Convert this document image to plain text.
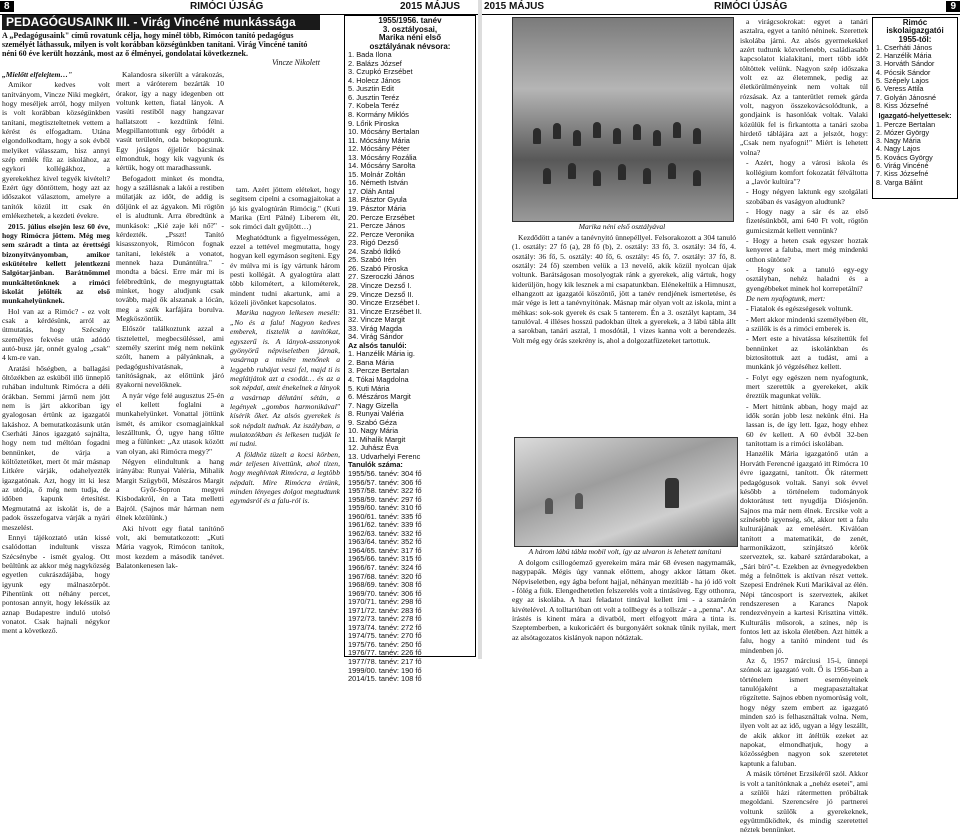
8	RIMÓCI ÚJSÁG	2015 MÁJUS
PEDAGÓGUSAINK III. - Virág Vincéné munkássága
A „Pedagógusaink" című rovatunk célja, hogy minél több, Rimócon tanító pedagógus személyét láthassuk, milyen is volt korábban községünkben tanítani. Virág Vincéné tanító néni 60 éve került hozzánk, most az ő élményei, gondolatai következnek.
Vincze Nikolett

„Mielőtt elfelejtem…"

Amikor kedves volt tanítványom, Vincze Niki megkért, hogy meséljek arról, hogy milyen is volt korábban községünkben tanítani, megtiszteltetnek vettem a kérést és elfogadtam. Utána elgondolkodtam, hogy a sok évből melyiket válasszam, hisz annyi szép emlék fűz az iskolához, az egykori kollégákhoz, a gyerekekhez kivel tegyék kivételt? Ezért úgy döntöttem, hogy azt az időszakot választom, amelyre a tanítók közül itt csak én emlékezhetek, a kezdeti évekre.

2015. július elsején lesz 60 éve, hogy Rimócra jöttem. Még meg sem száradt a tinta az érettségi bizonyítványomban, amikor eskütételre kellett jelentkezni Salgótarjánban. Barátnőmmel munkáltetőnknek a rimóci iskolát jelölték az első munkahelyünknek.

Hol van az a Rimóc? - ez volt csak a kérdésünk, arról az útmutatás, hogy Szécsény személyes fekvése után adódó autó-busz jár, onnét gyalog „csak" 4 km-re van.

Aratási hőségben, a ballagási öltözékben az esküből illő ünneplő ruhában indultunk Rimócra a déli órákban. Semmi jármű nem jött nem is járt akkoriban így gyalogosan értünk az igazgatói lakáshoz. A bemutatkozásunk után Cserháti János igazgató sajnálta, hogy nem tud méltóan fogadni bennünket, de várja a költöztetőket, mert öt már másnap Litkére várják, odahelyezték igazgatónak. Azt, hogy itt ki lesz az utódja, ő még nem tudja, de időben kapunk értesítést. Megmutatná az iskolát is, de a padok összefogatva várják a nyári meszelést.

Ennyi tájékoztató után kissé csalódottan indultunk vissza Szécsénybe - ismét gyalog. Ott beültünk az akkor még nagyközség egyetlen cukrászdájába, hogy igyunk egy málnaszörpöt. Pihentünk ott néhány percet, pontosan annyit, hogy lekéssük az aznap Budapestre induló utolsó vonatot. Csak hajnali négykor ment a következő.

Kalandosra sikerült a várakozás, mert a váróterem bezárták 10 órakor, így a nagy idegenben ott voltunk ketten, fiatal lányok. A vasúti restiből nagy hangzavar hallatszott - kezdtünk félni. Megpillantottunk egy őrbódét a vasút területén, oda bekopogtunk. Egy jóságos éjjeliőr bácsinak elmondtuk, hogy kik vagyunk és kértük, hogy ott maradhassunk.

Befogadott minket és mondta, hogy a szállásnak a lakói a restiben múlatják az időt, de addig is dőljünk el az ágyakon. Mi rögtön el is aludtunk. Arra ébredtünk a munkások: „Kié zaje kéi nő?" - kérdezték. „Psszt! Tanító kisasszonyok, Rimócon fognak tanítani, lekésték a vonatot, mennek haza Dunántúlra." - mondta a bácsi. Erre már mi is felébredtünk, de megnyugtattak minket, hogy aludjunk csak tovább, majd ők alszanak a lócán, meg a szék karfájára borulva. Megköszöntük.

Először találkoztunk azzal a tisztelettel, megbecsüléssel, ami személy szerint még nem nekünk szólt, hanem a pályánknak, a pedagógushivatásnak, a tanítóságnak, az előttünk járó gyakorni nevelőknek.

A nyár vége felé augusztus 25-én el kellett foglalni a munkahelyünket. Vonattal jöttünk ismét, és amikor csomagjainkkal leszálltunk, Ó, ugye hang tőltte meg a fülünket: „Az utasok között van olyan, aki Rimócra megy?"

Négyen elindultunk a hang irányába: Runyai Valéria, Mihalik Margit Szügyből, Mészáros Margit a Győr-Sopron megyei Kisbodakról, én a Tata melletti Bajról. (Sajnos már hárman nem élnek közülünk.)

Aki hívott egy fiatal tanítónő volt, aki bemutatkozott: „Kuti Mária vagyok, Rimócon tanítok, most kezdem a második tanévet. Balatonkenesen lak-

tam. Azért jöttem eléteket, hogy segítsem cipelni a csomagjaitokat a jó kis gyalogtúrán Rimócig." (Kuti Marika (Ertl Pálné) Liberem élt, sok rimóci dalt gyűjtött…)

Meghatódtunk a figyelmességen, ezzel a tettével megmutatta, hogy hogyan kell egymáson segíteni. Egy év múlva mi is így vártunk három pesti kollégát. A gyalogtúra alatt több kilométert, a kilométerek, mindent tudni akartunk, ami a közeli jövőnket kapcsolatos.

Marika nagyon lelkesen mesélt: „No és a falu! Nagyon kedves emberek, tisztelik a tanítókat, egyszerű is. A lányok-asszonyok gyönyörű népviseletben járnak, vasárnap a misére menőnek a leggebb ruhájat veszi fel, majd ti is meglátjátok azt a csodát… és az a sok népdal, amit énekelnek a lányok a vasárnap délutáni sétán, a legények „gombos harmonikával" kísérik őket. Az alsós gyerekek is sok népdalt tudnak. Az iszályban, a mulatozókban és lelkesen tudják le mi tudni.

A földhöz tüzelt a kocsi körben, már teljesen kivettünk, ahol tízen, hogy meghívtak Rimócra, a legtöbb népdalt. Mire Rimócra értünk, minden lényeges dolgot megtudtunk egymásról és a falu-ról is.

1955/1956. tanév
3. osztályosai,
Marika néni első
osztályának névsora:
1. Bada Ilona
2. Balázs József
3. Czupkó Erzsébet
4. Holecz János
5. Jusztin Edit
6. Jusztin Teréz
7. Kobela Teréz
8. Kormány Miklós
9. Lőrik Piroska
10. Mócsány Bertalan
11. Mócsány Mária
12. Mócsány Péter
13. Mócsány Rozália
14. Mócsány Sarolta
15. Molnár Zoltán
16. Németh István
17. Oláh Antal
18. Pásztor Gyula
19. Pásztor Mária
20. Percze Erzsébet
21. Percze János
22. Percze Veronika
23. Rigó Dezső
24. Szabó Ildikó
25. Szabó Irén
26. Szabó Piroska
27. Szeroczki János
28. Vincze Dezső I.
29. Vincze Dezső II.
30. Vincze Erzsébet I.
31. Vincze Erzsébet II.
32. Vincze Margit
33. Virág Magda
34. Virág Sándor
Az alsós tanulói:
1. Hanzélik Mária ig.
2. Bana Mária
3. Percze Bertalan
4. Tókai Magdolna
5. Kuti Mária
6. Mészáros Margit
7. Nagy Gizella
8. Runyai Valéria
9. Szabó Géza
10. Nagy Mária
11. Mihalik Margit
12. Juhász Éva
13. Udvarhelyi Ferenc
Tanulók száma:
1955/56. tanév: 304 fő
1956/57. tanév: 306 fő
1957/58. tanév: 322 fő
1958/59. tanév: 297 fő
1959/60. tanév: 310 fő
1960/61. tanév: 335 fő
1961/62. tanév: 339 fő
1962/63. tanév: 332 fő
1963/64. tanév: 352 fő
1964/65. tanév: 317 fő
1965/66. tanév: 315 fő
1966/67. tanév: 324 fő
1967/68. tanév: 320 fő
1968/69. tanév: 308 fő
1969/70. tanév: 306 fő
1970/71. tanév: 298 fő
1971/72. tanév: 283 fő
1972/73. tanév: 278 fő
1973/74. tanév: 272 fő
1974/75. tanév: 270 fő
1975/76. tanév: 250 fő
1976/77. tanév: 226 fő
1977/78. tanév: 217 fő
1999/00. tanév: 190 fő
2014/15. tanév: 108 fő
2015 MÁJUS	RIMÓCI ÚJSÁG	9
Marika néni első osztályával

Kezdődött a tanév a tanévnyitó ünnepéllyel. Felsorakozott a 304 tanuló (1. osztály: 27 fő (a), 28 fő (b), 2. osztály: 33 fő, 3. osztály: 34 fő, 4. osztály: 36 fő, 5. osztály: 40 fő, 6. osztály: 45 fő, 7. osztály: 37 fő, 8. osztály: 24 fő) szemben velük a 13 nevelő, akik közül nyolcan újak voltunk. Barátságosan mosolyogtak ránk a gyerekek, alig vártuk, hogy kiderüljön, hogy kik lesznek a mi csapatunkban. Elénekeltük a Himnuszt, elhangzott az igazgatói köszöntő, jött a tanév rendjének ismertetése, és már vége is lett a tanévnyitónak. Másnap már olyan volt az iskola, mint a méhkas: sok-sok gyerek és csak 5 tanterem. Én a 3. osztályt kaptam, 34 tanulóval. 4 illéses hosszú padokban ültek a gyerekek, a 3 lábú tábla állt a sarokban, tanári asztal, 1 mosdótál, 1 vizes kanna volt a berendezés. Volt még egy órás szekrény is, ahol a dolgozatfüzeteket tartottuk.

A három lábú tábla mobil volt, így az ulvaron is lehetett tanítani

A dolgom csillogóemző gyerekeim mára már 68 évesen nagymamák, nagypapák. Mégis úgy vannak előttem, ahogy akkor láttam őket. Népviseletben, egy ágba befont hajjal, néhányan mezítláb - ha jó idő volt - fölég a fiúk. Elengedhetetlen felszerelés volt a tintásüveg. Egy otthonra, egy az iskolába. A hazi feladatot tintával kellett írni - a szamárón kivételével. A tolltartóban ott volt a tollbegy és a tollszár - a „penna". Az írástés is kinent mára a divatból, mert elfogyott mára a tinta is. Szeptemberben, a kukoricáért és burgonyáért soknak tűnik nyilak, mert az alsótagozatos kislányok napon nótáztak.

a virágcsokrokat: egyet a tanári asztalra, egyet a tanító néninek. Szerettek iskolába járni. Az alsós gyermekekkel azért tudtunk közvetlenebb, családiasabb kapcsolatot kialakítani, mert több időt töltöttek velünk. Nagyon szép időszaka volt ez az életemnek, pedig az életkörülményeink nem voltak túl rózsásak. Az a tanterütlet remek gárda volt, nagyon összekovácsolódtunk, a gondjaink is hasonlóak voltak. Valaki közülük fel is firkantotta a tanári szoba hirdető táblájára azt a jelszót, hogy: „Csak nem nyafogni!" Miért is lehetett volna?

- Azért, hogy a városi iskola és kollégium komfort fokozatát félváltotta a „lavór kultúra"?

- Hogy négyen laktunk egy szolgálati szobában és vaságyon aludtunk?

- Hogy nagy a sár és az első fizetésünkből, ami 640 Ft volt, rögtön gumicsizmát kellett vennünk?

- Hogy a heten csak egyszer hoztak kenyeret a faluba, mert még mindenki otthon sütötte?

- Hogy sok a tanuló egy-egy osztályban, nehéz haladni és a gyengébbeket minek hol korrepetálni?

De nem nyafogtunk, mert:

- Fiatalok és egészségesek voltunk.

- Mert akkor mindenki személyében élt, a szülők is és a rimóci emberek is.

- Mert este a hivatássa készítettük fel bennünket az iskolánkban és biztosítottuk azt a tudást, ami a munkánk jó végzéséhez kellett.

- Folyt egy egészen nem nyafogtunk, mert szerettük a gyerekeket, akik éreztük magunkat velük.

- Mert hittünk abban, hogy majd az idők során jobb lesz nekünk élni. Ha lassan is, de így lett. Igaz, hogy ehhez 60 év kellett. A 60 évből 32-ben tanítottam is a rimóci iskolában.

Hanzélik Mária igazgatónő után a Horváth Ferencné igazgató itt Rimócra 10 évre igazgatni, tanított. Ők rátermett pedagógusok voltak. Sanyi sok évvel később a történelem tudományok doktorátust tett nyugdíja Diósjenőn. Sajnos ma már nem élnek. Ercsike volt a színésebb igyenség, sőt, akkor tett a falu kulturájának az emelésért. Kiválóan tanított a matematikát, de zenét, harmonikázott, színjátszó körök szerveztek, sz. kabaré sztárdarabokat, a „Sári bíró"-t. Ezekben az évnegyedekben még a felnőttek is aktívan részt vettek. Szepesi Endrének Kuti Marikával az élén. Népi táncosport is szerveztek, akiket rendszeresen a Karancs Napok rendezvényein a kartesi Krisztina vitték. Kulturális műsorok, a színes, nép is fontos lett az iskola életében. Azt hitték a falu, hogy a tanító mindent tud és mindenben jó.

Az ő, 1957 márciusi 15-i, ünnepi szónok az igazgató volt. Ő is 1956-ban a történelem ismert eseményeinek tanulójaként a megtapasztaltakat rögzítette. Sajnos ebben nyomorúság volt, hogy négy szem embert az igazgató minden szó is felhasználtak volna. Nem, ilyen volt az az idő, ugyan a légy leszállt, de akik akkor itt átéltük ezeket az napokat, elmondhatjuk, hogy a közösségben nagyon sok szeretetet kaptunk a faluban.

A másik történet Erzsikéről szól. Akkor is volt a tanítónknak a „nehéz esetei", ami a szülői házi rátermetten próbáltak megoldani. Szerencsére jó partnerei voltunk szülők a gyerekeknek, együttműködtek, és mindig szeretettel néztek bennünket.

Rimóc iskolaigazgatói
1955-től:
1. Cserháti János
2. Hanzélik Mária
3. Horváth Sándor
4. Pócsik Sándor
5. Szépely Lajos
6. Veress Attila
7. Golyán Jánosné
8. Kiss Józsefné
Igazgató-helyettesek:
1. Percze Bertalan
2. Mózer György
3. Nagy Mária
4. Nagy Lajos
5. Kovács György
6. Virág Vincéné
7. Kiss Józsefné
8. Varga Bálint
